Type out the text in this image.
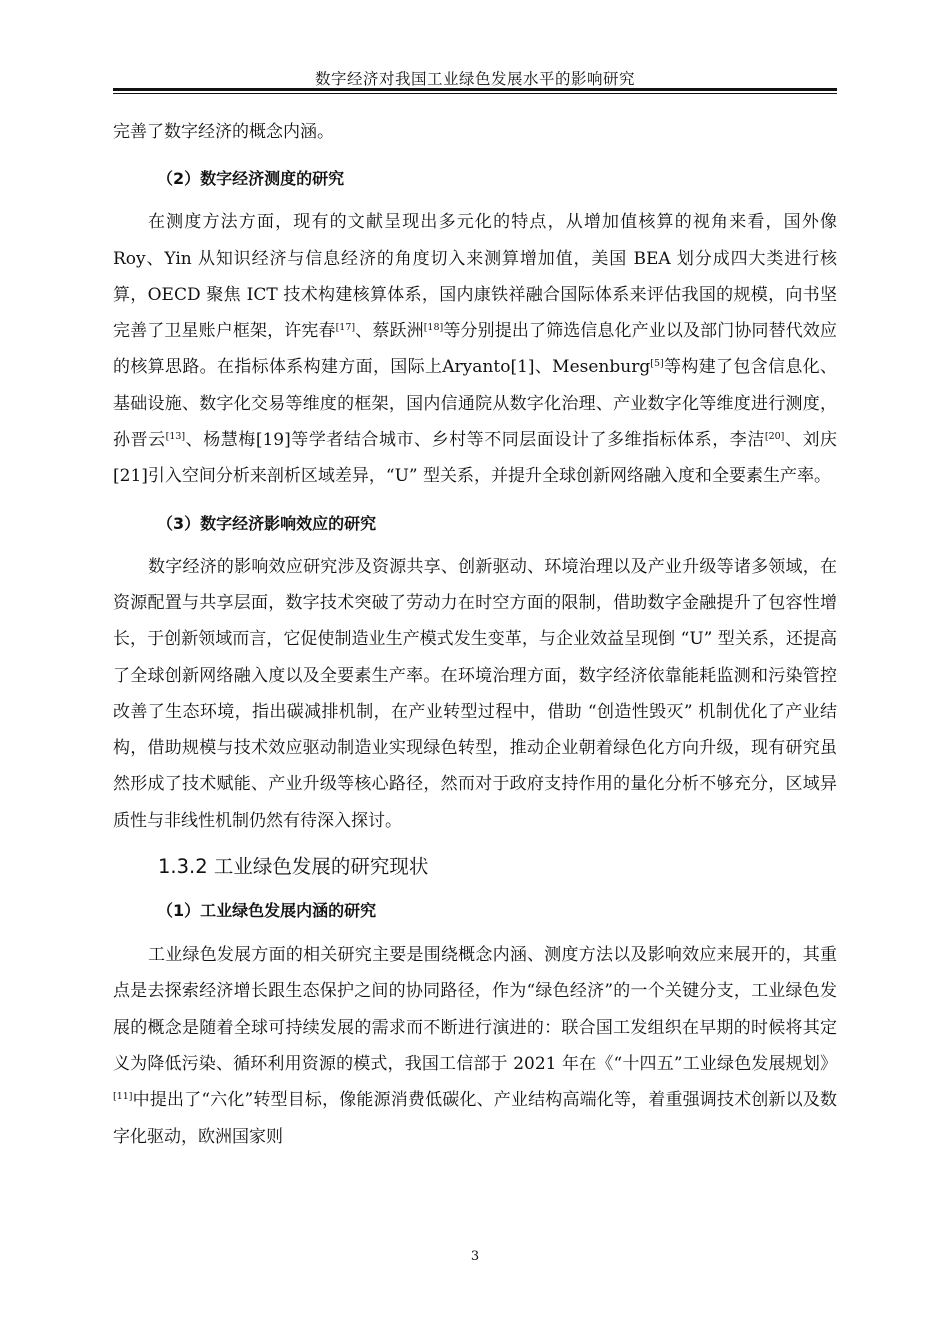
数字经济对我国工业绿色发展水平的影响研究

完善了数字经济的概念内涵。

（2）数字经济测度的研究

在测度方法方面，现有的文献呈现出多元化的特点，从增加值核算的视角来看，国外像 Roy、Yin 从知识经济与信息经济的角度切入来测算增加值，美国 BEA 划分成四大类进行核算，OECD 聚焦 ICT 技术构建核算体系，国内康铁祥融合国际体系来评估我国的规模，向书坚完善了卫星账户框架，许宪春[17]、蔡跃洲[18]等分别提出了筛选信息化产业以及部门协同替代效应的核算思路。在指标体系构建方面，国际上Aryanto[1]、Mesenburg[5]等构建了包含信息化、基础设施、数字化交易等维度的框架，国内信通院从数字化治理、产业数字化等维度进行测度，孙晋云[13]、杨慧梅[19]等学者结合城市、乡村等不同层面设计了多维指标体系，李洁[20]、刘庆[21]引入空间分析来剖析区域差异，“U” 型关系，并提升全球创新网络融入度和全要素生产率。

（3）数字经济影响效应的研究

数字经济的影响效应研究涉及资源共享、创新驱动、环境治理以及产业升级等诸多领域，在资源配置与共享层面，数字技术突破了劳动力在时空方面的限制，借助数字金融提升了包容性增长，于创新领域而言，它促使制造业生产模式发生变革，与企业效益呈现倒 “U” 型关系，还提高了全球创新网络融入度以及全要素生产率。在环境治理方面，数字经济依靠能耗监测和污染管控改善了生态环境，指出碳减排机制，在产业转型过程中，借助 “创造性毁灭” 机制优化了产业结构，借助规模与技术效应驱动制造业实现绿色转型，推动企业朝着绿色化方向升级，现有研究虽然形成了技术赋能、产业升级等核心路径，然而对于政府支持作用的量化分析不够充分，区域异质性与非线性机制仍然有待深入探讨。

1.3.2 工业绿色发展的研究现状

（1）工业绿色发展内涵的研究

工业绿色发展方面的相关研究主要是围绕概念内涵、测度方法以及影响效应来展开的，其重点是去探索经济增长跟生态保护之间的协同路径，作为“绿色经济”的一个关键分支，工业绿色发展的概念是随着全球可持续发展的需求而不断进行演进的：联合国工发组织在早期的时候将其定义为降低污染、循环利用资源的模式，我国工信部于 2021 年在《“十四五”工业绿色发展规划》[11]中提出了“六化”转型目标，像能源消费低碳化、产业结构高端化等，着重强调技术创新以及数字化驱动，欧洲国家则

3
